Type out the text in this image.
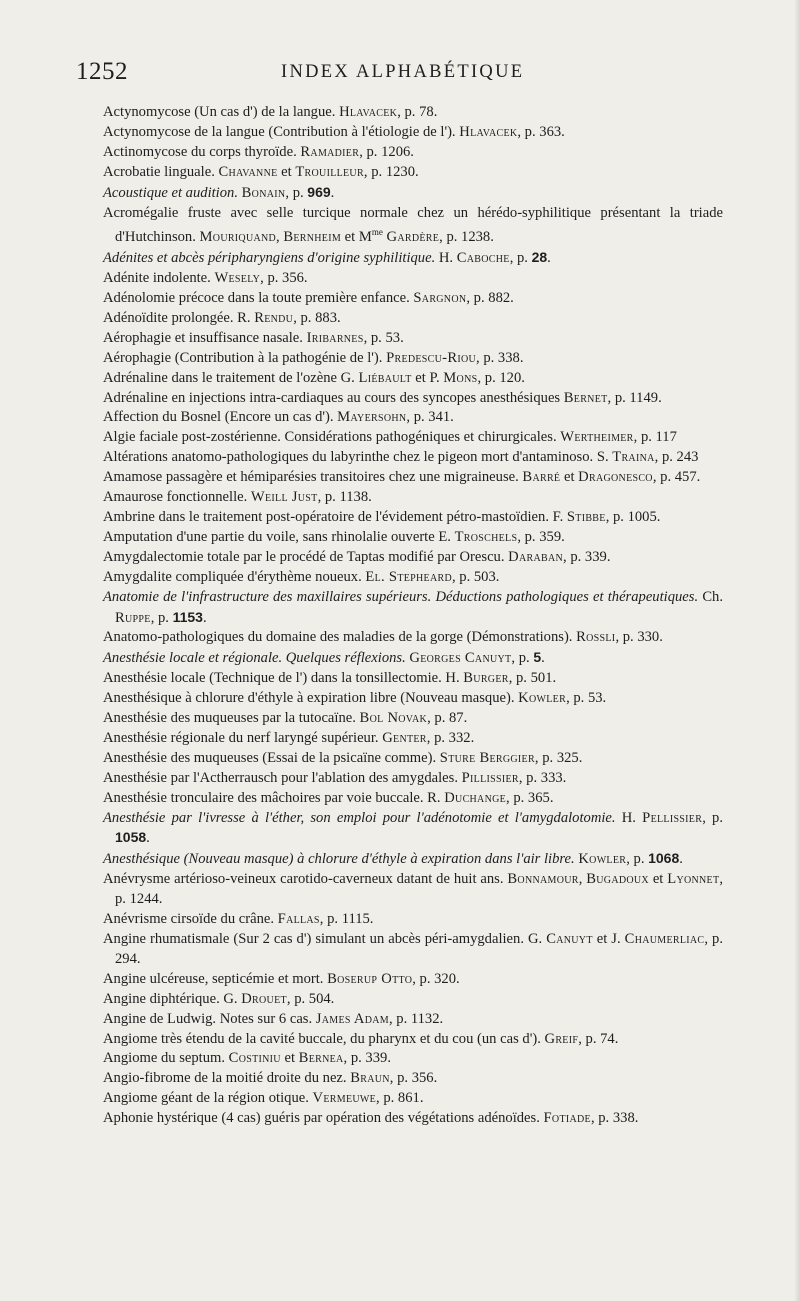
1252	INDEX ALPHABÉTIQUE
Actynomycose (Un cas d') de la langue. Hlavacek, p. 78.
Actynomycose de la langue (Contribution à l'étiologie de l'). Hlavacek, p. 363.
Actinomycose du corps thyroïde. Ramadier, p. 1206.
Acrobatie linguale. Chavanne et Trouilleur, p. 1230.
Acoustique et audition. Bonain, p. 969.
Acromégalie fruste avec selle turcique normale chez un hérédo-syphilitique présentant la triade d'Hutchinson. Mouriquand, Bernheim et $M^{me}$ Gardère, p. 1238.
Adénites et abcès péripharyngiens d'origine syphilitique. H. Caboche, p. 28.
Adénite indolente. Wesely, p. 356.
Adénolomie précoce dans la toute première enfance. Sargnon, p. 882.
Adénoïdite prolongée. R. Rendu, p. 883.
Aérophagie et insuffisance nasale. Iribarnes, p. 53.
Aérophagie (Contribution à la pathogénie de l'). Predescu-Riou, p. 338.
Adrénaline dans le traitement de l'ozène G. Liébault et P. Mons, p. 120.
Adrénaline en injections intra-cardiaques au cours des syncopes anesthésiques Bernet, p. 1149.
Affection du Bosnel (Encore un cas d'). Mayersohn, p. 341.
Algie faciale post-zostérienne. Considérations pathogéniques et chirurgicales. Wertheimer, p. 117
Altérations anatomo-pathologiques du labyrinthe chez le pigeon mort d'antaminoso. S. Traina, p. 243
Amamose passagère et hémiparésies transitoires chez une migraineuse. Barré et Dragonesco, p. 457.
Amaurose fonctionnelle. Weill Just, p. 1138.
Ambrine dans le traitement post-opératoire de l'évidement pétro-mastoïdien. F. Stibbe, p. 1005.
Amputation d'une partie du voile, sans rhinolalie ouverte E. Troschels, p. 359.
Amygdalectomie totale par le procédé de Taptas modifié par Orescu. Daraban, p. 339.
Amygdalite compliquée d'érythème noueux. El. Stepheard, p. 503.
Anatomie de l'infrastructure des maxillaires supérieurs. Déductions pathologiques et thérapeutiques. Ch. Ruppe, p. 1153.
Anatomo-pathologiques du domaine des maladies de la gorge (Démonstrations). Rossli, p. 330.
Anesthésie locale et régionale. Quelques réflexions. Georges Canuyt, p. 5.
Anesthésie locale (Technique de l') dans la tonsillectomie. H. Burger, p. 501.
Anesthésique à chlorure d'éthyle à expiration libre (Nouveau masque). Kowler, p. 53.
Anesthésie des muqueuses par la tutocaïne. Bol Novak, p. 87.
Anesthésie régionale du nerf laryngé supérieur. Genter, p. 332.
Anesthésie des muqueuses (Essai de la psicaïne comme). Sture Berggier, p. 325.
Anesthésie par l'Actherrausch pour l'ablation des amygdales. Pillissier, p. 333.
Anesthésie tronculaire des mâchoires par voie buccale. R. Duchange, p. 365.
Anesthésie par l'ivresse à l'éther, son emploi pour l'adénotomie et l'amygdalotomie. H. Pellissier, p. 1058.
Anesthésique (Nouveau masque) à chlorure d'éthyle à expiration dans l'air libre. Kowler, p. 1068.
Anévrysme artérioso-veineux carotido-caverneux datant de huit ans. Bonnamour, Bugadoux et Lyonnet, p. 1244.
Anévrisme cirsoïde du crâne. Fallas, p. 1115.
Angine rhumatismale (Sur 2 cas d') simulant un abcès péri-amygdalien. G. Canuyt et J. Chaumerliac, p. 294.
Angine ulcéreuse, septicémie et mort. Boserup Otto, p. 320.
Angine diphtérique. G. Drouet, p. 504.
Angine de Ludwig. Notes sur 6 cas. James Adam, p. 1132.
Angiome très étendu de la cavité buccale, du pharynx et du cou (un cas d'). Greif, p. 74.
Angiome du septum. Costiniu et Bernea, p. 339.
Angio-fibrome de la moitié droite du nez. Braun, p. 356.
Angiome géant de la région otique. Vermeuwe, p. 861.
Aphonie hystérique (4 cas) guéris par opération des végétations adénoïdes. Fotiade, p. 338.
